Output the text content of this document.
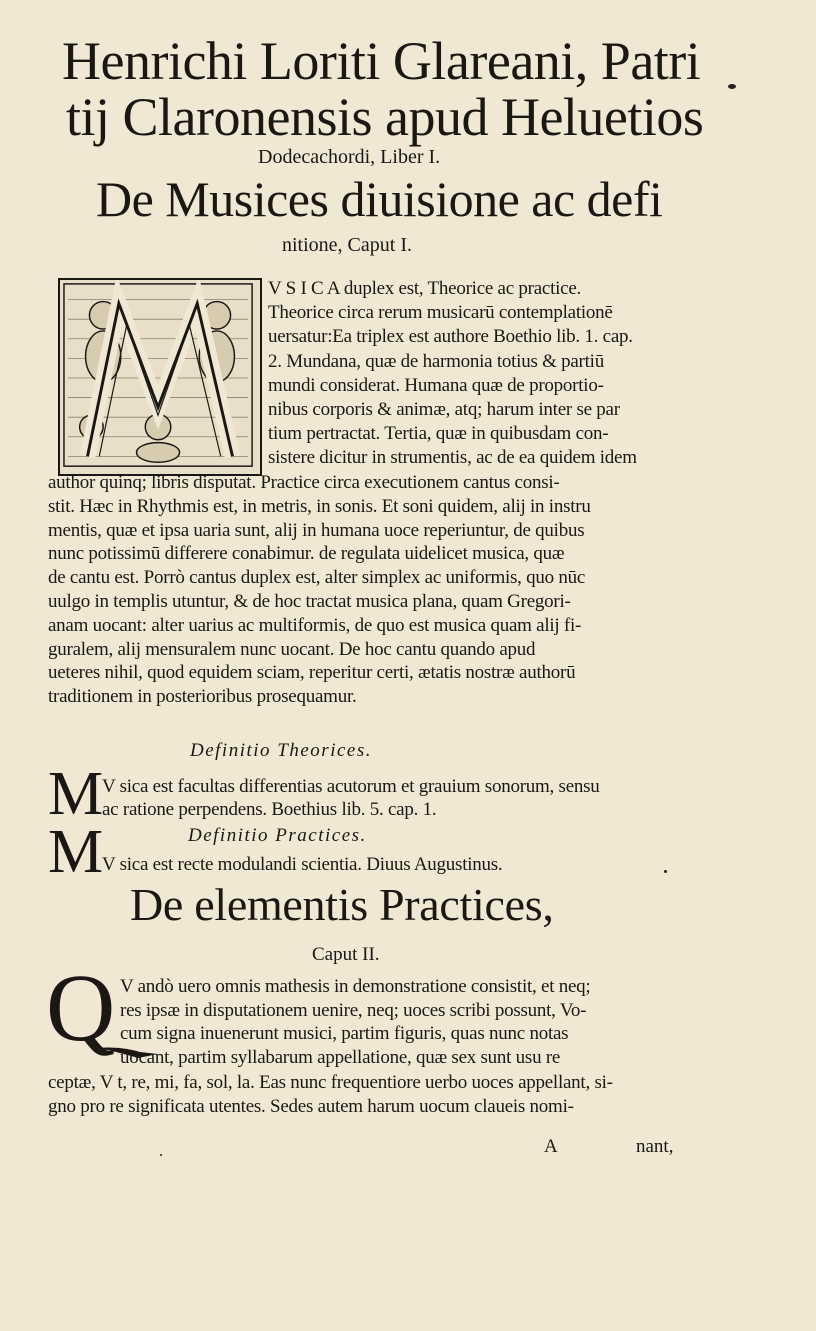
Henrichi Loriti Glareani, Patri
tij Claronensis apud Heluetios
Dodecachordi, Liber I.
De Musices diuisione ac defi
nitione, Caput I.
V S I C A duplex est, Theorice ac practice.
Theorice circa rerum musicarū contemplationē
uersatur:Ea triplex est authore Boethio lib. 1. cap.
2. Mundana, quæ de harmonia totius & partiū
mundi considerat. Humana quæ de proportio-
nibus corporis & animæ, atq; harum inter se par
tium pertractat. Tertia, quæ in quibusdam con-
sistere dicitur in strumentis, ac de ea quidem idem
author quinq; libris disputat. Practice circa executionem cantus consi-
stit. Hæc in Rhythmis est, in metris, in sonis. Et soni quidem, alij in instru
mentis, quæ et ipsa uaria sunt, alij in humana uoce reperiuntur, de quibus
nunc potissimū differere conabimur. de regulata uidelicet musica, quæ
de cantu est. Porrò cantus duplex est, alter simplex ac uniformis, quo nūc
uulgo in templis utuntur, & de hoc tractat musica plana, quam Gregori-
anam uocant: alter uarius ac multiformis, de quo est musica quam alij fi-
guralem, alij mensuralem nunc uocant. De hoc cantu quando apud
ueteres nihil, quod equidem sciam, reperitur certi, ætatis nostræ authorū
traditionem in posterioribus prosequamur.
Definitio Theorices.
M
V sica est facultas differentias acutorum et grauium sonorum, sensu
ac ratione perpendens. Boethius lib. 5. cap. 1.
Definitio Practices.
M
V sica est recte modulandi scientia. Diuus Augustinus.
De elementis Practices,
Caput II.
Q V andò uero omnis mathesis in demonstratione consistit, et neq;
res ipsæ in disputationem uenire, neq; uoces scribi possunt, Vo-
cum signa inuenerunt musici, partim figuris, quas nunc notas
uocant, partim syllabarum appellatione, quæ sex sunt usu re
ceptæ, V t, re, mi, fa, sol, la. Eas nunc frequentiore uerbo uoces appellant, si-
gno pro re significata utentes. Sedes autem harum uocum claueis nomi-
A	nant,
